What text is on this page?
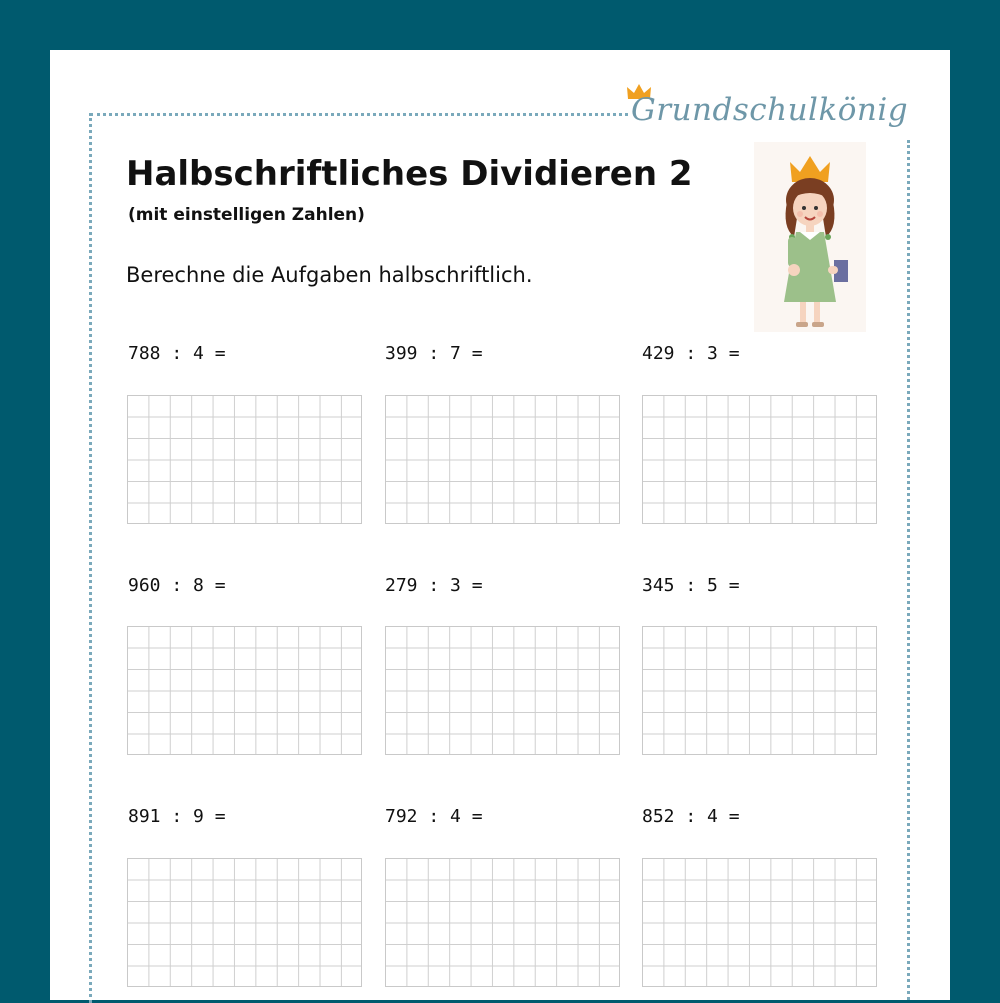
Grundschulkönig
Halbschriftliches Dividieren 2
(mit einstelligen Zahlen)
Berechne die Aufgaben halbschriftlich.
788 : 4 =	399 : 7 =	429 : 3 =
960 : 8 =	279 : 3 =	345 : 5 =
891 : 9 =	792 : 4 =	852 : 4 =
